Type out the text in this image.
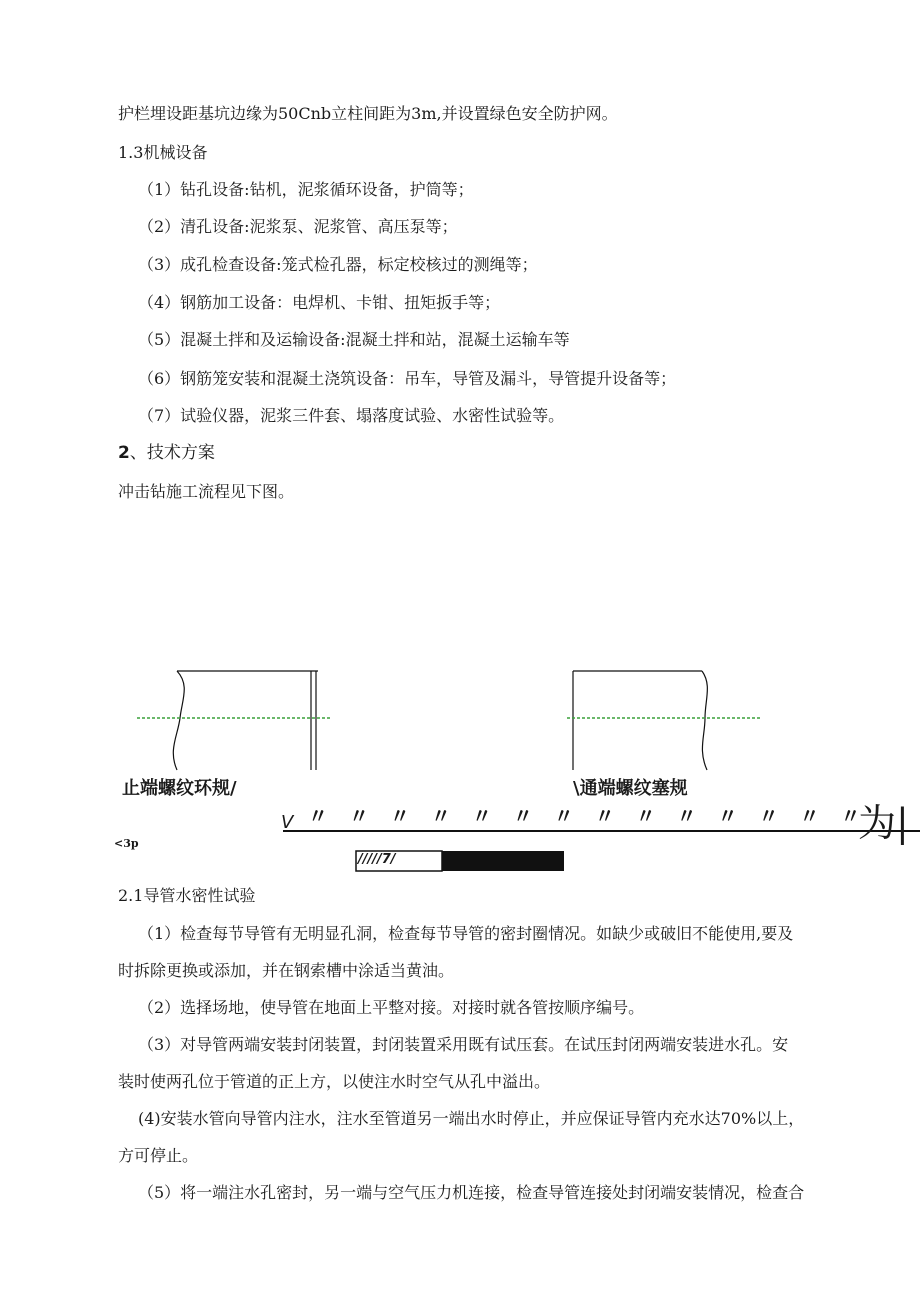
护栏埋设距基坑边缘为50Cnb立柱间距为3m,并设置绿色安全防护网。
1.3机械设备
（1）钻孔设备:钻机，泥浆循环设备，护筒等；
（2）清孔设备:泥浆泵、泥浆管、高压泵等；
（3）成孔检查设备:笼式检孔器，标定校核过的测绳等；
（4）钢筋加工设备：电焊机、卡钳、扭矩扳手等；
（5）混凝土拌和及运输设备:混凝土拌和站，混凝土运输车等
（6）钢筋笼安装和混凝土浇筑设备：吊车，导管及漏斗，导管提升设备等；
（7）试验仪器，泥浆三件套、塌落度试验、水密性试验等。
2、技术方案
冲击钻施工流程见下图。
止端螺纹环规/	\通端螺纹塞规
V 〃 〃 〃 〃 〃 〃 〃 〃 〃 〃 〃 〃 〃 〃
为|
<3p
/////7/
2.1导管水密性试验
（1）检查每节导管有无明显孔洞，检查每节导管的密封圈情况。如缺少或破旧不能使用,要及
时拆除更换或添加，并在钢索槽中涂适当黄油。
（2）选择场地，使导管在地面上平整对接。对接时就各管按顺序编号。
（3）对导管两端安装封闭装置，封闭装置采用既有试压套。在试压封闭两端安装进水孔。安
装时使两孔位于管道的正上方，以使注水时空气从孔中溢出。
(4)安装水管向导管内注水，注水至管道另一端出水时停止，并应保证导管内充水达70%以上，
方可停止。
（5）将一端注水孔密封，另一端与空气压力机连接，检查导管连接处封闭端安装情况，检查合
